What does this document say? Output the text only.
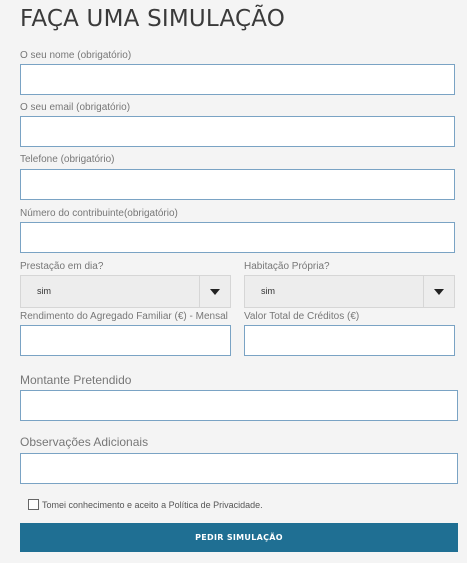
FAÇA UMA SIMULAÇÃO
O seu nome (obrigatório)
O seu email (obrigatório)
Telefone (obrigatório)
Número do contribuinte(obrigatório)
Prestação em dia?
sim
Habitação Própria?
sim
Rendimento do Agregado Familiar (€) - Mensal Valor Total de Créditos (€)
Montante Pretendido
Observações Adicionais
Tomei conhecimento e aceito a Política de Privacidade.
PEDIR SIMULAÇÃO
